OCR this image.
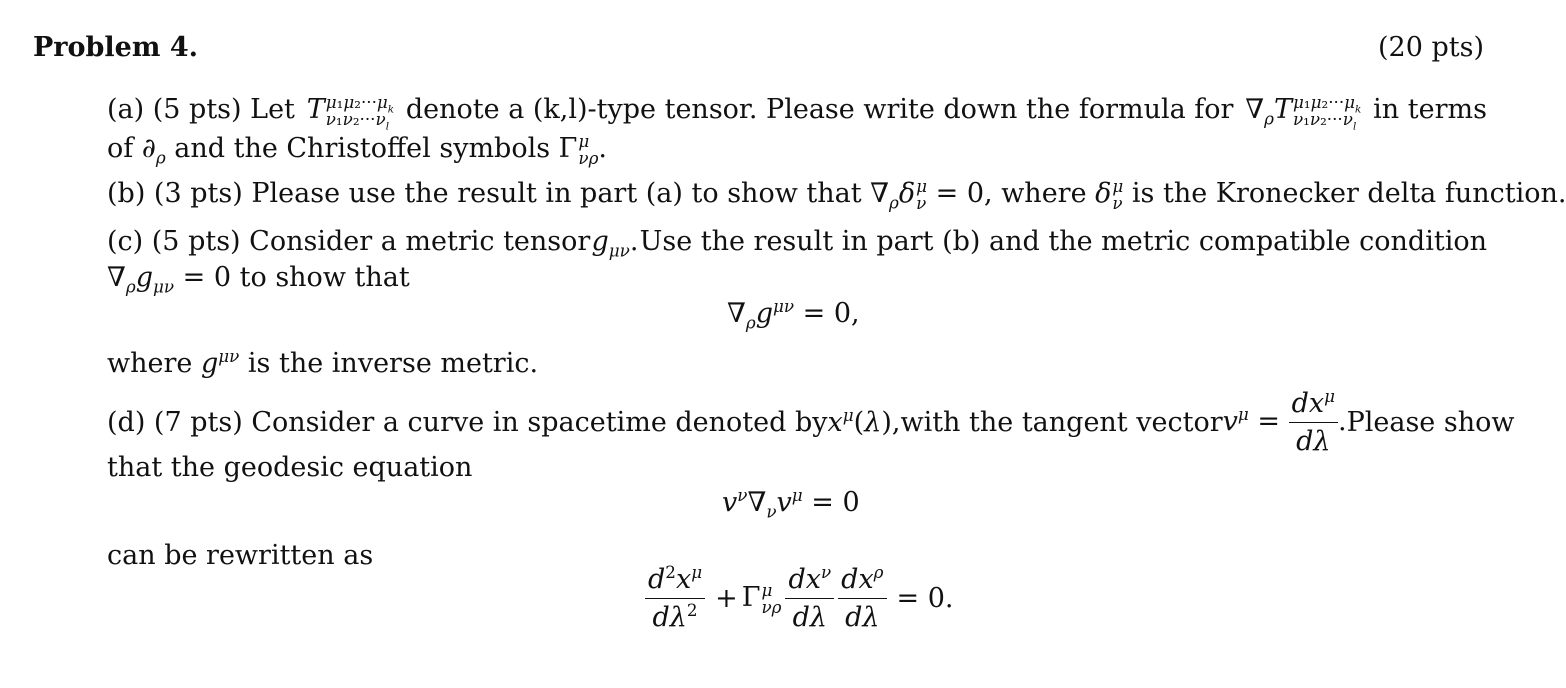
Problem 4.	(20 pts)
(a) (5 pts) Let T $\mu_1\mu_2\cdot\cdot\cdot\mu_k$
$\nu_1\nu_2\cdot\cdot\cdot\nu_l$
denote a (k,l)-type tensor. Please write down the formula for $\nabla_\rho T$ $\mu_1\mu_2\cdot\cdot\cdot\mu_k$
$\nu_1\nu_2\cdot\cdot\cdot\nu_l$
in terms
of $\partial_\rho$ and the Christoffel symbols Γ μ
νρ .
(b) (3 pts) Please use the result in part (a) to show that $\nabla_\rho\delta$ μ
ν = 0, where δ μ
ν is the Kronecker delta function.
(c) (5 pts) Consider a metric tensor $g_{\mu\nu}$. Use the result in part (b) and the metric compatible condition
$\nabla_\rho g_{\mu\nu} = 0$ to show that
$\nabla_\rho g^{\mu\nu} = 0$,
where $g^{\mu\nu}$ is the inverse metric.
(d) (7 pts) Consider a curve in spacetime denoted by $x^\mu(\lambda)$, with the tangent vector $v^\mu = \frac{dx^\mu}{d\lambda}$ . Please show
that the geodesic equation
$v^\nu\nabla_\nu v^\mu = 0$
can be rewritten as
$\frac{d^2x^\mu}{d\lambda^2} + \Gamma$ μ
νρ $\frac{dx^\nu}{d\lambda} \frac{dx^\rho}{d\lambda} = 0$.
